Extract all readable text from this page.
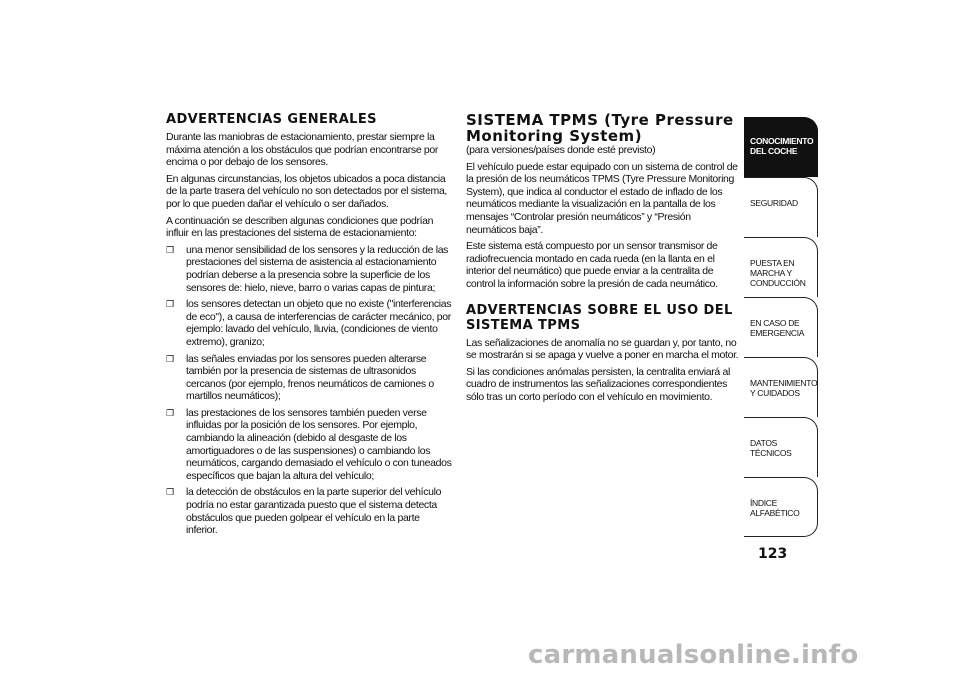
ADVERTENCIAS GENERALES

Durante las maniobras de estacionamiento, prestar siempre la máxima atención a los obstáculos que podrían encontrarse por encima o por debajo de los sensores.

En algunas circunstancias, los objetos ubicados a poca distancia de la parte trasera del vehículo no son detectados por el sistema, por lo que pueden dañar el vehículo o ser dañados.

A continuación se describen algunas condiciones que podrían influir en las prestaciones del sistema de estacionamiento:

❒ una menor sensibilidad de los sensores y la reducción de las prestaciones del sistema de asistencia al estacionamiento podrían deberse a la presencia sobre la superficie de los sensores de: hielo, nieve, barro o varias capas de pintura;
❒ los sensores detectan un objeto que no existe ("interferencias de eco"), a causa de interferencias de carácter mecánico, por ejemplo: lavado del vehículo, lluvia, (condiciones de viento extremo), granizo;
❒ las señales enviadas por los sensores pueden alterarse también por la presencia de sistemas de ultrasonidos cercanos (por ejemplo, frenos neumáticos de camiones o martillos neumáticos);
❒ las prestaciones de los sensores también pueden verse influidas por la posición de los sensores. Por ejemplo, cambiando la alineación (debido al desgaste de los amortiguadores o de las suspensiones) o cambiando los neumáticos, cargando demasiado el vehículo o con tuneados específicos que bajan la altura del vehículo;
❒ la detección de obstáculos en la parte superior del vehículo podría no estar garantizada puesto que el sistema detecta obstáculos que pueden golpear el vehículo en la parte inferior.
SISTEMA TPMS (Tyre Pressure Monitoring System)

(para versiones/países donde esté previsto)

El vehículo puede estar equipado con un sistema de control de la presión de los neumáticos TPMS (Tyre Pressure Monitoring System), que indica al conductor el estado de inflado de los neumáticos mediante la visualización en la pantalla de los mensajes “Controlar presión neumáticos” y “Presión neumáticos baja”.

Este sistema está compuesto por un sensor transmisor de radiofrecuencia montado en cada rueda (en la llanta en el interior del neumático) que puede enviar a la centralita de control la información sobre la presión de cada neumático.

ADVERTENCIAS SOBRE EL USO DEL SISTEMA TPMS

Las señalizaciones de anomalía no se guardan y, por tanto, no se mostrarán si se apaga y vuelve a poner en marcha el motor.

Si las condiciones anómalas persisten, la centralita enviará al cuadro de instrumentos las señalizaciones correspondientes sólo tras un corto período con el vehículo en movimiento.

CONOCIMIENTO DEL COCHE
SEGURIDAD
PUESTA EN MARCHA Y CONDUCCIÓN
EN CASO DE EMERGENCIA
MANTENIMIENTO Y CUIDADOS
DATOS TÉCNICOS
ÍNDICE ALFABÉTICO
123
carmanualsonline.info
